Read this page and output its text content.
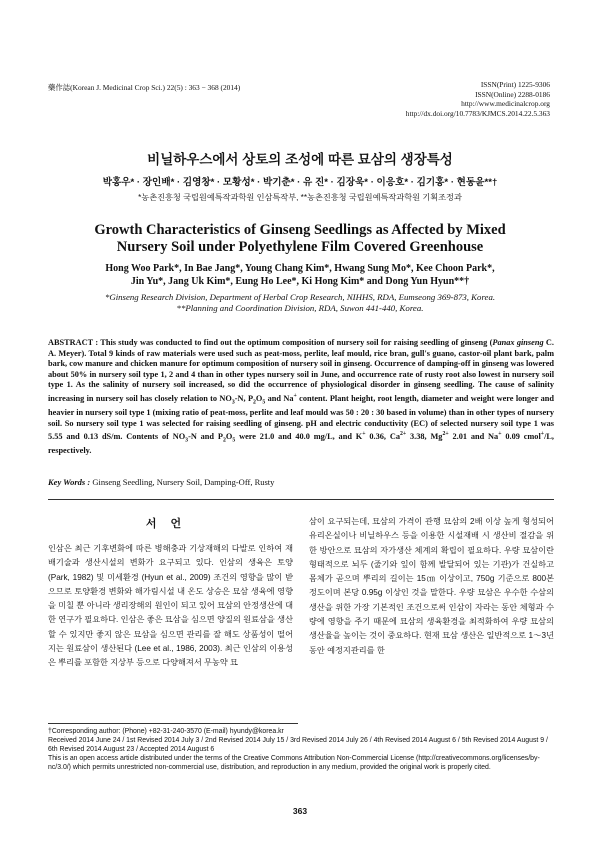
藥作誌(Korean J. Medicinal Crop Sci.) 22(5) : 363 − 368 (2014)	ISSN(Print) 1225-9306
ISSN(Online) 2288-0186
http://www.medicinalcrop.org
http://dx.doi.org/10.7783/KJMCS.2014.22.5.363
비닐하우스에서 상토의 조성에 따른 묘삼의 생장특성
박홍우* · 장인배* · 김영창* · 모황성* · 박기춘* · 유 진* · 김장욱* · 이응호* · 김기홍* · 현동윤**†
*농촌진흥청 국립원예특작과학원 인삼특작부, **농촌진흥청 국립원예특작과학원 기획조정과
Growth Characteristics of Ginseng Seedlings as Affected by Mixed
Nursery Soil under Polyethylene Film Covered Greenhouse
Hong Woo Park*, In Bae Jang*, Young Chang Kim*, Hwang Sung Mo*, Kee Choon Park*,
Jin Yu*, Jang Uk Kim*, Eung Ho Lee*, Ki Hong Kim* and Dong Yun Hyun**†
*Ginseng Research Division, Department of Herbal Crop Research, NIHHS, RDA, Eumseong 369-873, Korea.
**Planning and Coordination Division, RDA, Suwon 441-440, Korea.
ABSTRACT : This study was conducted to find out the optimum composition of nursery soil for raising seedling of ginseng (Panax ginseng C. A. Meyer). Total 9 kinds of raw materials were used such as peat-moss, perlite, leaf mould, rice bran, gull's guano, castor-oil plant bark, palm bark, cow manure and chicken manure for optimum composition of nursery soil in ginseng. Occurrence of damping-off in ginseng was lowered about 50% in nursery soil type 1, 2 and 4 than in other types nursery soil in June, and occurrence rate of rusty root also lowest in nursery soil type 1. As the salinity of nursery soil increased, so did the occurrence of physiological disorder in ginseng seedling. The cause of salinity increasing in nursery soil has closely relation to $NO_3-N$, $P_2O_5$ and Na+ content. Plant height, root length, diameter and weight were longer and heavier in nursery soil type 1 (mixing ratio of peat-moss, perlite and leaf mould was 50 : 20 : 30 based in volume) than in other types of nursery soil. So nursery soil type 1 was selected for raising seedling of ginseng. pH and electric conductivity (EC) of selected nursery soil type 1 was 5.55 and 0.13 dS/m. Contents of $NO_3-N$ and $P_2O_5$ were 21.0 and 40.0 mg/L, and K+ 0.36, $Ca^{2+}$ 3.38, $Mg^{2+}$ 2.01 and Na+ 0.09 cmol+/L, respectively.
Key Words : Ginseng Seedling, Nursery Soil, Damping-Off, Rusty
서언
인삼은 최근 기후변화에 따른 병해충과 기상재해의 다발로 인하여 재배기술과 생산시설의 변화가 요구되고 있다. 인삼의 생육은 토양 (Park, 1982) 및 미세환경 (Hyun et al., 2009) 조건의 영향을 많이 받으므로 토양환경 변화와 해가림시설 내 온도 상승은 묘삼 생육에 영향을 미칠 뿐 아니라 생리장해의 원인이 되고 있어 묘삼의 안정생산에 대한 연구가 필요하다. 인삼은 좋은 묘삼을 심으면 양질의 원료삼을 생산할 수 있지만 좋지 않은 묘삼을 심으면 관리를 잘 해도 상품성이 떨어지는 원료삼이 생산된다 (Lee et al., 1986, 2003). 최근 인삼의 이용성은 뿌리를 포함한 지상부 등으로 다양해져서 무농약 묘
삼이 요구되는데, 묘삼의 가격이 관행 묘삼의 2배 이상 높게 형성되어 유리온실이나 비닐하우스 등을 이용한 시설재배 시 생산비 절감을 위한 방안으로 묘삼의 자가생산 체계의 확립이 필요하다. 우량 묘삼이란 형태적으로 뇌두 (줄기와 잎이 함께 발달되어 있는 기관)가 건실하고 몸체가 곧으며 뿌리의 길이는 15㎝ 이상이고, 750g 기준으로 800본 정도이며 본당 0.95g 이상인 것을 말한다. 우량 묘삼은 우수한 수삼의 생산을 위한 가장 기본적인 조건으로써 인삼이 자라는 동안 체형과 수량에 영향을 주기 때문에 묘삼의 생육환경을 최적화하여 우량 묘삼의 생산율을 높이는 것이 중요하다. 현재 묘삼 생산은 일반적으로 1～3년 동안 예정지관리를 한
†Corresponding author: (Phone) +82-31-240-3570 (E-mail) hyundy@korea.kr
Received 2014 June 24 / 1st Revised 2014 July 3 / 2nd Revised 2014 July 15 / 3rd Revised 2014 July 26 / 4th Revised 2014 August 6 / 5th Revised 2014 August 9 / 6th Revised 2014 August 23 / Accepted 2014 August 6
This is an open access article distributed under the terms of the Creative Commons Attribution Non-Commercial License (http://creativecommons.org/licenses/by-nc/3.0/) which permits unrestricted non-commercial use, distribution, and reproduction in any medium, provided the original work is properly cited.
363
